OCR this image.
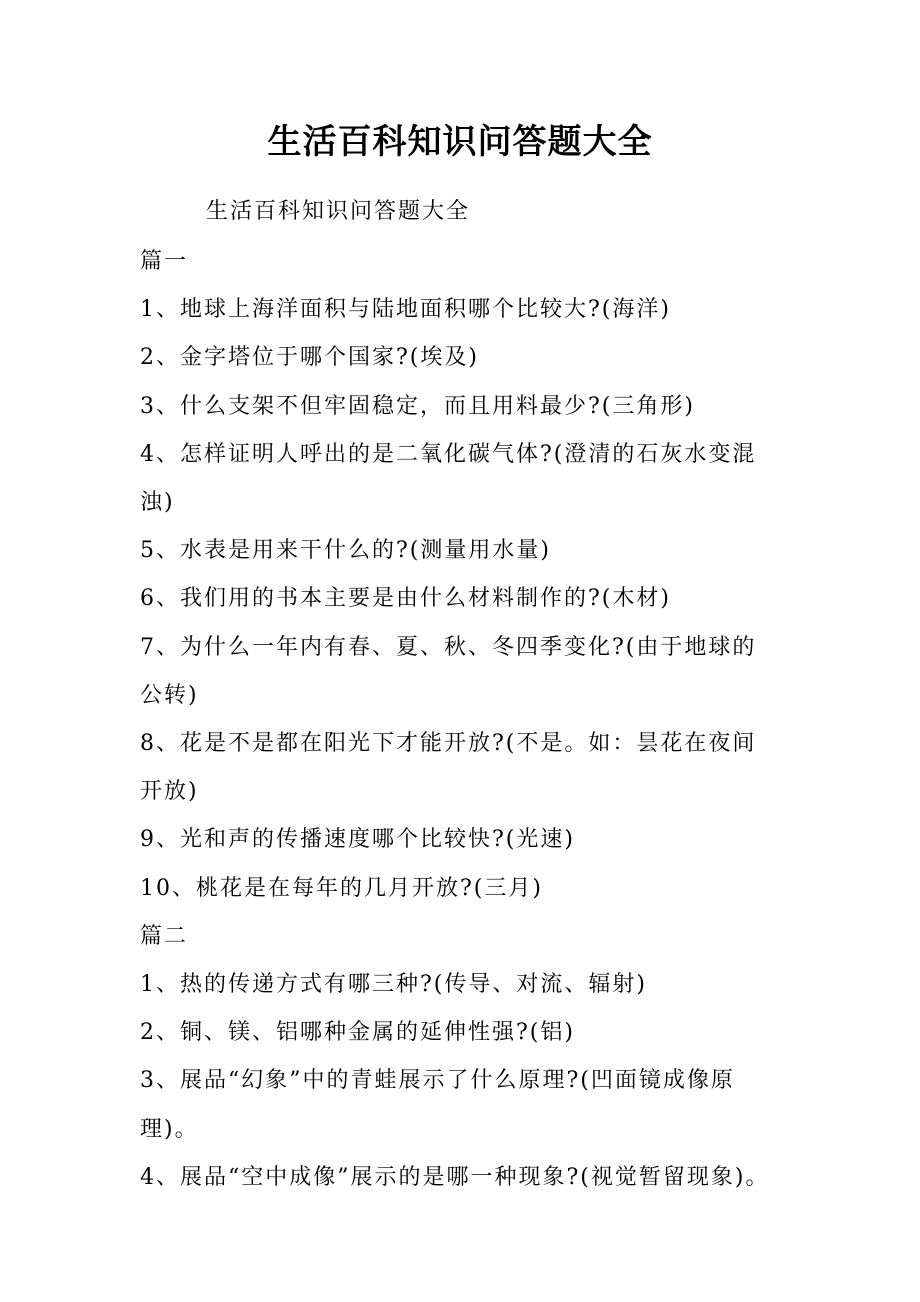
生活百科知识问答题大全
生活百科知识问答题大全
篇一
1、地球上海洋面积与陆地面积哪个比较大?(海洋)
2、金字塔位于哪个国家?(埃及)
3、什么支架不但牢固稳定，而且用料最少?(三角形)
4、怎样证明人呼出的是二氧化碳气体?(澄清的石灰水变混浊)
5、水表是用来干什么的?(测量用水量)
6、我们用的书本主要是由什么材料制作的?(木材)
7、为什么一年内有春、夏、秋、冬四季变化?(由于地球的公转)
8、花是不是都在阳光下才能开放?(不是。如：昙花在夜间开放)
9、光和声的传播速度哪个比较快?(光速)
10、桃花是在每年的几月开放?(三月)
篇二
1、热的传递方式有哪三种?(传导、对流、辐射)
2、铜、镁、铝哪种金属的延伸性强?(铝)
3、展品“幻象”中的青蛙展示了什么原理?(凹面镜成像原理)。
4、展品“空中成像”展示的是哪一种现象?(视觉暂留现象)。
